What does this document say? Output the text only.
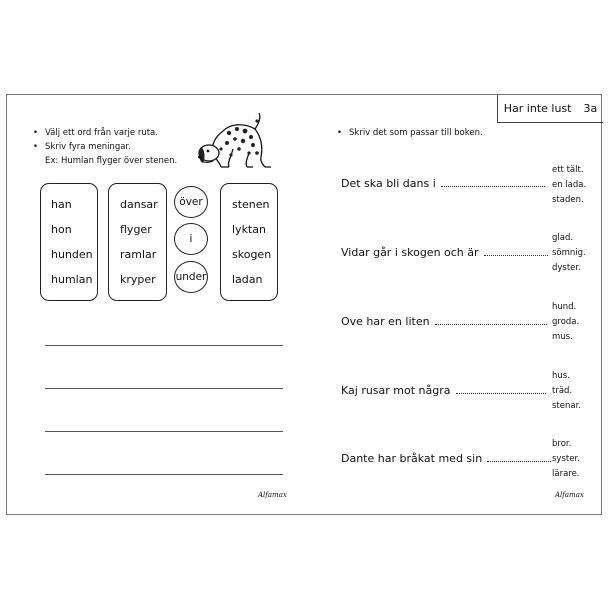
• Välj ett ord från varje ruta.
• Skriv fyra meningar.
Ex: Humlan flyger över stenen.
han
hon
hunden
humlan
dansar
flyger
ramlar
kryper
över
i
under
stenen
lyktan
skogen
ladan
Alfamax
Har inte lust 3a
• Skriv det som passar till boken.
Det ska bli dans i
ett tält.
en lada.
staden.
Vidar går i skogen och är
glad.
sömnig.
dyster.
Ove har en liten
hund.
groda.
mus.
Kaj rusar mot några
hus.
träd.
stenar.
Dante har bråkat med sin
bror.
syster.
lärare.
Alfamax
